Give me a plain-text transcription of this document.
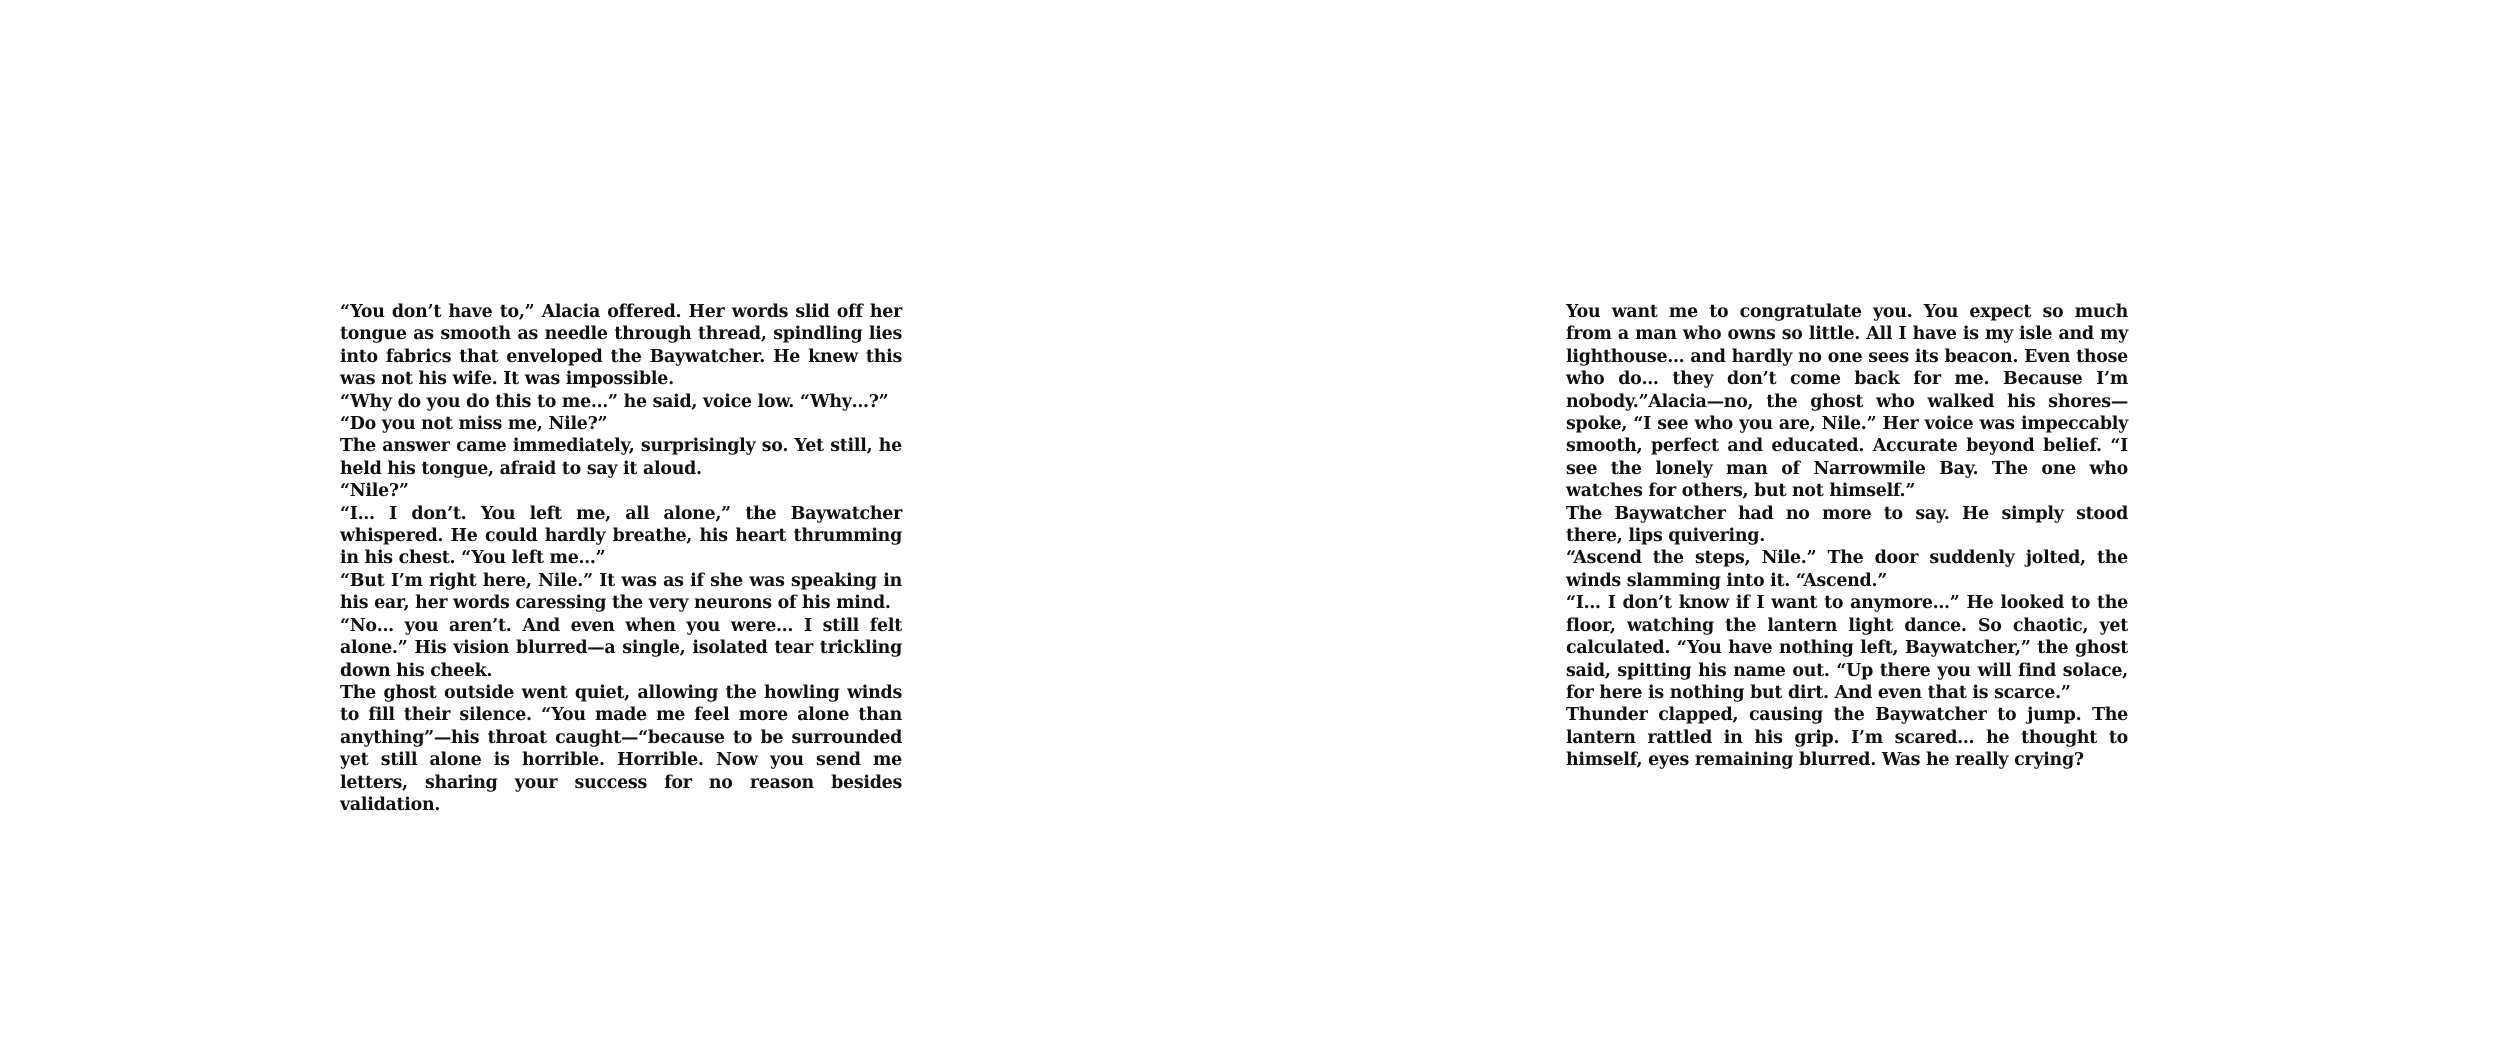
“You don’t have to,” Alacia offered. Her words slid off her tongue as smooth as needle through thread, spindling lies into fabrics that enveloped the Baywatcher. He knew this was not his wife. It was impossible.

“Why do you do this to me…” he said, voice low. “Why…?”

“Do you not miss me, Nile?”

The answer came immediately, surprisingly so. Yet still, he held his tongue, afraid to say it aloud.

“Nile?”

“I… I don’t. You left me, all alone,” the Baywatcher whispered. He could hardly breathe, his heart thrumming in his chest. “You left me…”

“But I’m right here, Nile.” It was as if she was speaking in his ear, her words caressing the very neurons of his mind.

“No… you aren’t. And even when you were… I still felt alone.” His vision blurred—a single, isolated tear trickling down his cheek.

The ghost outside went quiet, allowing the howling winds to fill their silence. “You made me feel more alone than anything”—his throat caught—“because to be surrounded yet still alone is horrible. Horrible. Now you send me letters, sharing your success for no reason besides validation.

You want me to congratulate you. You expect so much from a man who owns so little. All I have is my isle and my lighthouse… and hardly no one sees its beacon. Even those who do… they don’t come back for me. Because I’m nobody.”Alacia—no, the ghost who walked his shores—spoke, “I see who you are, Nile.” Her voice was impeccably smooth, perfect and educated. Accurate beyond belief. “I see the lonely man of Narrowmile Bay. The one who watches for others, but not himself.”

The Baywatcher had no more to say. He simply stood there, lips quivering.

“Ascend the steps, Nile.” The door suddenly jolted, the winds slamming into it. “Ascend.”

“I… I don’t know if I want to anymore…” He looked to the floor, watching the lantern light dance. So chaotic, yet calculated. “You have nothing left, Baywatcher,” the ghost said, spitting his name out. “Up there you will find solace, for here is nothing but dirt. And even that is scarce.”

Thunder clapped, causing the Baywatcher to jump. The lantern rattled in his grip. I’m scared… he thought to himself, eyes remaining blurred. Was he really crying?
